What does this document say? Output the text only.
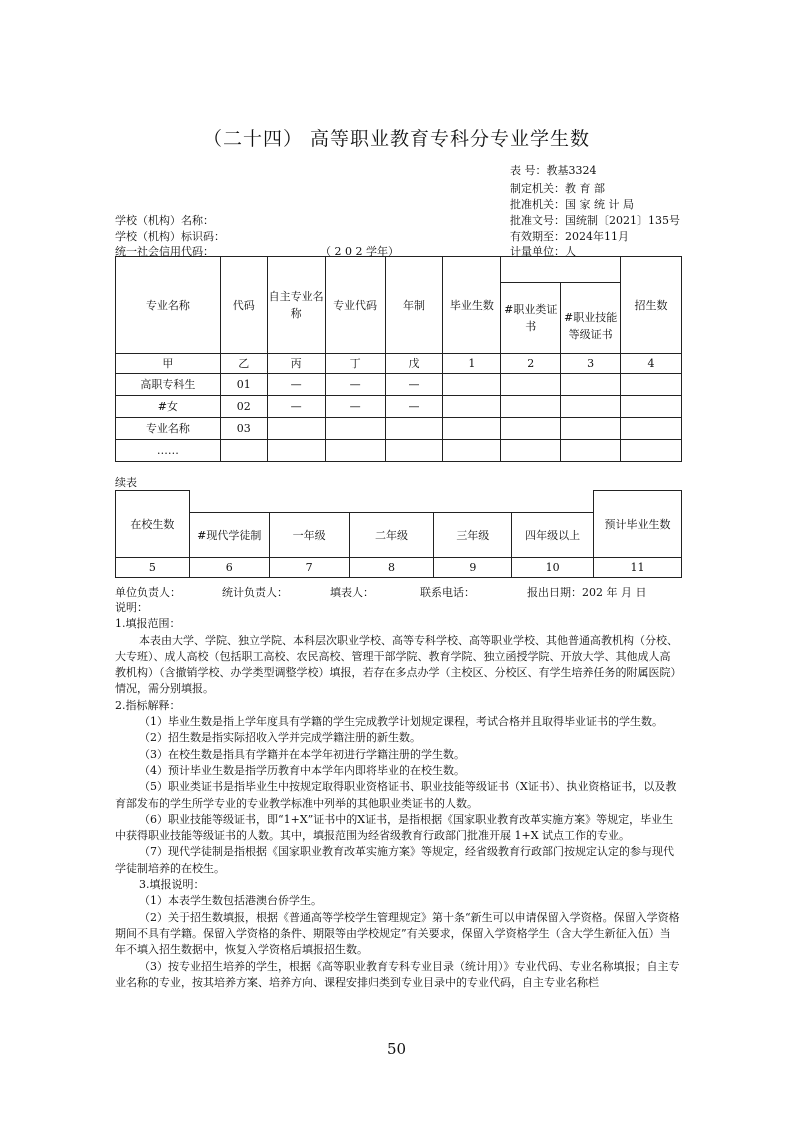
（二十四） 高等职业教育专科分专业学生数
表 号：教基3324
制定机关：教 育 部
批准机关：国 家 统 计 局
批准文号：国统制〔2021〕135号
有效期至：2024年11月
计量单位：人
学校（机构）名称：
学校（机构）标识码：
统一社会信用代码：	（ 2 0 2 学年）
专业名称	代码	自主专业名称	专业代码	年制	毕业生数			招生数
						#职业类证书		
							#职业技能等级证书	
甲	乙	丙	丁	戊	1	2	3	4
高职专科生	01	—	—	—				
#女	02	—	—	—				
专业名称	03							
……								
续表
在校生数						预计毕业生数
	#现代学徒制	一年级	二年级	三年级	四年级以上	
5	6	7	8	9	10	11
单位负责人：	统计负责人：	填表人：	联系电话：	报出日期：202 年 月 日
说明：
1.填报范围：
本表由大学、学院、独立学院、本科层次职业学校、高等专科学校、高等职业学校、其他普通高教机构（分校、大专班）、成人高校（包括职工高校、农民高校、管理干部学院、教育学院、独立函授学院、开放大学、其他成人高教机构）（含撤销学校、办学类型调整学校）填报，若存在多点办学（主校区、分校区、有学生培养任务的附属医院）情况，需分别填报。
2.指标解释：
（1）毕业生数是指上学年度具有学籍的学生完成教学计划规定课程，考试合格并且取得毕业证书的学生数。
（2）招生数是指实际招收入学并完成学籍注册的新生数。
（3）在校生数是指具有学籍并在本学年初进行学籍注册的学生数。
（4）预计毕业生数是指学历教育中本学年内即将毕业的在校生数。
（5）职业类证书是指毕业生中按规定取得职业资格证书、职业技能等级证书（X证书）、执业资格证书，以及教育部发布的学生所学专业的专业教学标准中列举的其他职业类证书的人数。
（6）职业技能等级证书，即“1+X”证书中的X证书，是指根据《国家职业教育改革实施方案》等规定，毕业生中获得职业技能等级证书的人数。其中，填报范围为经省级教育行政部门批准开展 1+X 试点工作的专业。
（7）现代学徒制是指根据《国家职业教育改革实施方案》等规定，经省级教育行政部门按规定认定的参与现代学徒制培养的在校生。
3.填报说明：
（1）本表学生数包括港澳台侨学生。
（2）关于招生数填报，根据《普通高等学校学生管理规定》第十条“新生可以申请保留入学资格。保留入学资格期间不具有学籍。保留入学资格的条件、期限等由学校规定”有关要求，保留入学资格学生（含大学生新征入伍）当年不填入招生数据中，恢复入学资格后填报招生数。
（3）按专业招生培养的学生，根据《高等职业教育专科专业目录（统计用）》专业代码、专业名称填报；自主专业名称的专业，按其培养方案、培养方向、课程安排归类到专业目录中的专业代码，自主专业名称栏
50
